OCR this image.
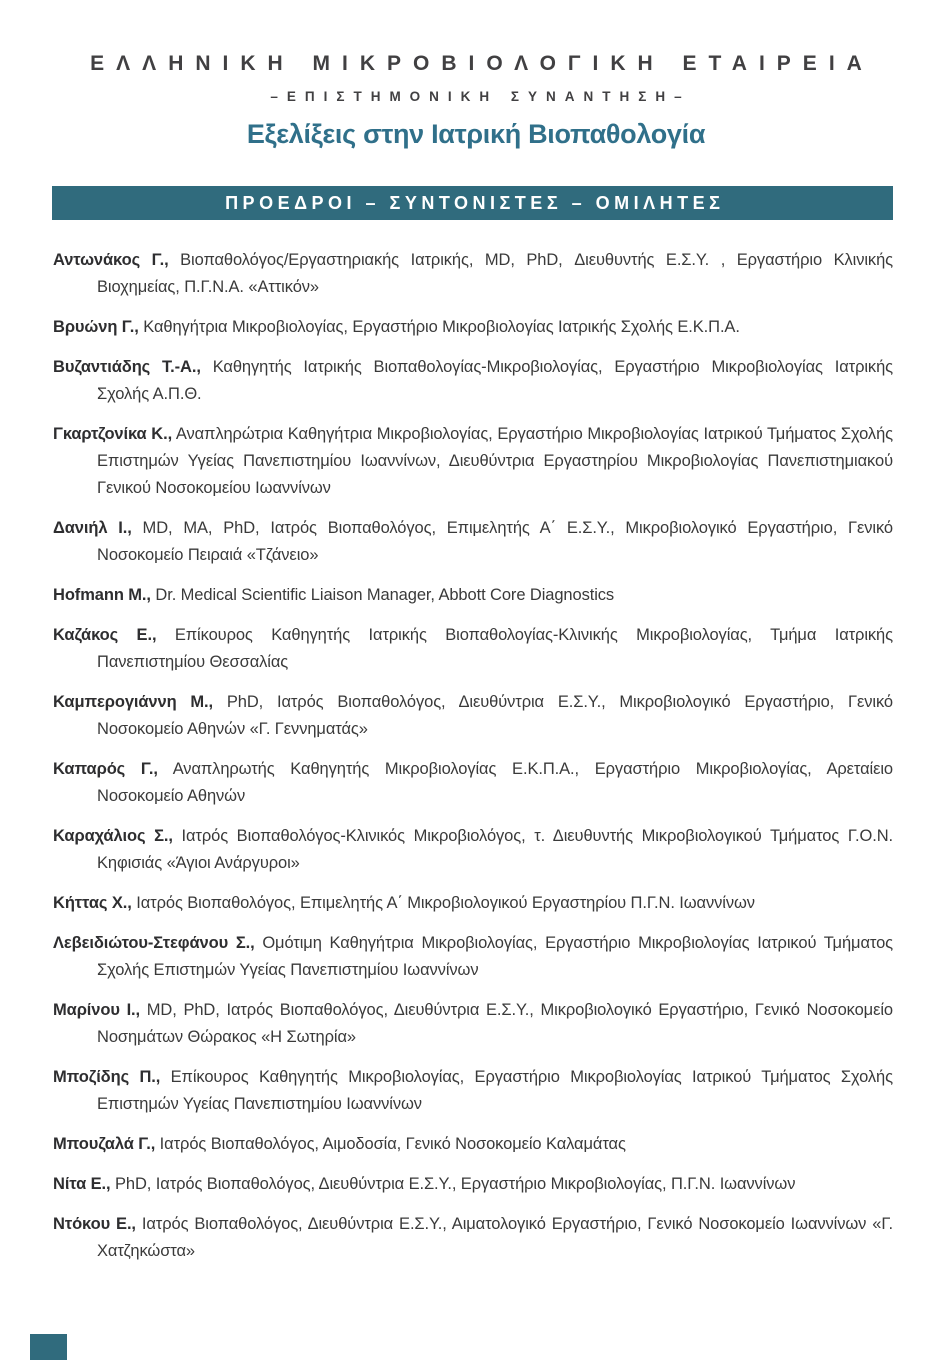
ΕΛΛΗΝΙΚΗ ΜΙΚΡΟΒΙΟΛΟΓΙΚΗ ΕΤΑΙΡΕΙΑ
–ΕΠΙΣΤΗΜΟΝΙΚΗ ΣΥΝΑΝΤΗΣΗ–
Εξελίξεις στην Ιατρική Βιοπαθολογία
ΠΡΟΕΔΡΟΙ – ΣΥΝΤΟΝΙΣΤΕΣ – ΟΜΙΛΗΤΕΣ

Αντωνάκος Γ., Βιοπαθολόγος/Εργαστηριακής Ιατρικής, MD, PhD, Διευθυντής Ε.Σ.Υ. , Εργαστήριο Κλινικής Βιοχημείας, Π.Γ.Ν.Α. «Αττικόν»

Βρυώνη Γ., Καθηγήτρια Μικροβιολογίας, Εργαστήριο Μικροβιολογίας Ιατρικής Σχολής Ε.Κ.Π.Α.

Βυζαντιάδης Τ.-Α., Καθηγητής Ιατρικής Βιοπαθολογίας-Μικροβιολογίας, Εργαστήριο Μικροβιολογίας Ιατρικής Σχολής Α.Π.Θ.

Γκαρτζονίκα Κ., Αναπληρώτρια Καθηγήτρια Μικροβιολογίας, Εργαστήριο Μικροβιολογίας Ιατρικού Τμήματος Σχολής Επιστημών Υγείας Πανεπιστημίου Ιωαννίνων, Διευθύντρια Εργαστηρίου Μικροβιολογίας Πανεπιστημιακού Γενικού Νοσοκομείου Ιωαννίνων

Δανιήλ Ι., MD, MA, PhD, Ιατρός Βιοπαθολόγος, Επιμελητής Α΄ Ε.Σ.Υ., Μικροβιολογικό Εργαστήριο, Γενικό Νοσοκομείο Πειραιά «Τζάνειο»

Hofmann M., Dr. Medical Scientific Liaison Manager, Abbott Core Diagnostics

Καζάκος Ε., Επίκουρος Καθηγητής Ιατρικής Βιοπαθολογίας-Κλινικής Μικροβιολογίας, Τμήμα Ιατρικής Πανεπιστημίου Θεσσαλίας

Καμπερογιάννη Μ., PhD, Ιατρός Βιοπαθολόγος, Διευθύντρια Ε.Σ.Υ., Μικροβιολογικό Εργαστήριο, Γενικό Νοσοκομείο Αθηνών «Γ. Γεννηματάς»

Καπαρός Γ., Αναπληρωτής Καθηγητής Μικροβιολογίας Ε.Κ.Π.Α., Εργαστήριο Μικροβιολογίας, Αρεταίειο Νοσοκομείο Αθηνών

Καραχάλιος Σ., Ιατρός Βιοπαθολόγος-Κλινικός Μικροβιολόγος, τ. Διευθυντής Μικροβιολογικού Τμήματος Γ.Ο.Ν. Κηφισιάς «Άγιοι Ανάργυροι»

Κήττας Χ., Ιατρός Βιοπαθολόγος, Επιμελητής Α΄ Μικροβιολογικού Εργαστηρίου Π.Γ.Ν. Ιωαννίνων

Λεβειδιώτου-Στεφάνου Σ., Ομότιμη Καθηγήτρια Μικροβιολογίας, Εργαστήριο Μικροβιολογίας Ιατρικού Τμήματος Σχολής Επιστημών Υγείας Πανεπιστημίου Ιωαννίνων

Μαρίνου Ι., MD, PhD, Ιατρός Βιοπαθολόγος, Διευθύντρια Ε.Σ.Υ., Μικροβιολογικό Εργαστήριο, Γενικό Νοσοκομείο Νοσημάτων Θώρακος «Η Σωτηρία»

Μποζίδης Π., Επίκουρος Καθηγητής Μικροβιολογίας, Εργαστήριο Μικροβιολογίας Ιατρικού Τμήματος Σχολής Επιστημών Υγείας Πανεπιστημίου Ιωαννίνων

Μπουζαλά Γ., Ιατρός Βιοπαθολόγος, Αιμοδοσία, Γενικό Νοσοκομείο Καλαμάτας

Νίτα Ε., PhD, Ιατρός Βιοπαθολόγος, Διευθύντρια Ε.Σ.Υ., Εργαστήριο Μικροβιολογίας, Π.Γ.Ν. Ιωαννίνων

Ντόκου Ε., Ιατρός Βιοπαθολόγος, Διευθύντρια Ε.Σ.Υ., Αιματολογικό Εργαστήριο, Γενικό Νοσοκομείο Ιωαννίνων «Γ. Χατζηκώστα»
